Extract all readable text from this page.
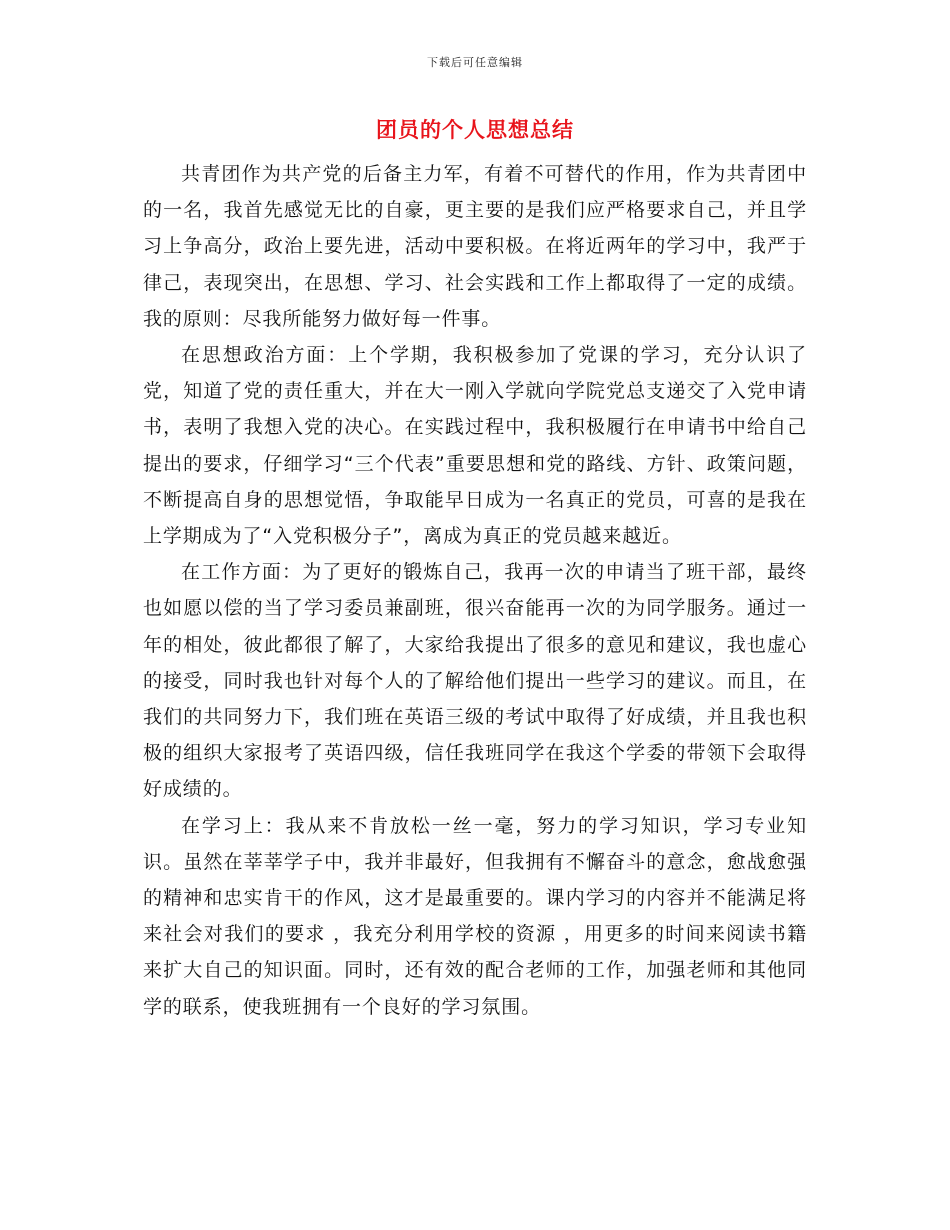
下载后可任意编辑
团员的个人思想总结

共青团作为共产党的后备主力军，有着不可替代的作用，作为共青团中的一名，我首先感觉无比的自豪，更主要的是我们应严格要求自己，并且学习上争高分，政治上要先进，活动中要积极。在将近两年的学习中，我严于律己，表现突出，在思想、学习、社会实践和工作上都取得了一定的成绩。我的原则：尽我所能努力做好每一件事。

在思想政治方面：上个学期，我积极参加了党课的学习，充分认识了党，知道了党的责任重大，并在大一刚入学就向学院党总支递交了入党申请书，表明了我想入党的决心。在实践过程中，我积极履行在申请书中给自己提出的要求，仔细学习“三个代表”重要思想和党的路线、方针、政策问题，不断提高自身的思想觉悟，争取能早日成为一名真正的党员，可喜的是我在上学期成为了“入党积极分子”，离成为真正的党员越来越近。

在工作方面：为了更好的锻炼自己，我再一次的申请当了班干部，最终也如愿以偿的当了学习委员兼副班，很兴奋能再一次的为同学服务。通过一年的相处，彼此都很了解了，大家给我提出了很多的意见和建议，我也虚心的接受，同时我也针对每个人的了解给他们提出一些学习的建议。而且，在我们的共同努力下，我们班在英语三级的考试中取得了好成绩，并且我也积极的组织大家报考了英语四级，信任我班同学在我这个学委的带领下会取得好成绩的。

在学习上：我从来不肯放松一丝一毫，努力的学习知识，学习专业知识。虽然在莘莘学子中，我并非最好，但我拥有不懈奋斗的意念，愈战愈强的精神和忠实肯干的作风，这才是最重要的。课内学习的内容并不能满足将来社会对我们的要求 ，我充分利用学校的资源 ，用更多的时间来阅读书籍来扩大自己的知识面。同时，还有效的配合老师的工作，加强老师和其他同学的联系，使我班拥有一个良好的学习氛围。
